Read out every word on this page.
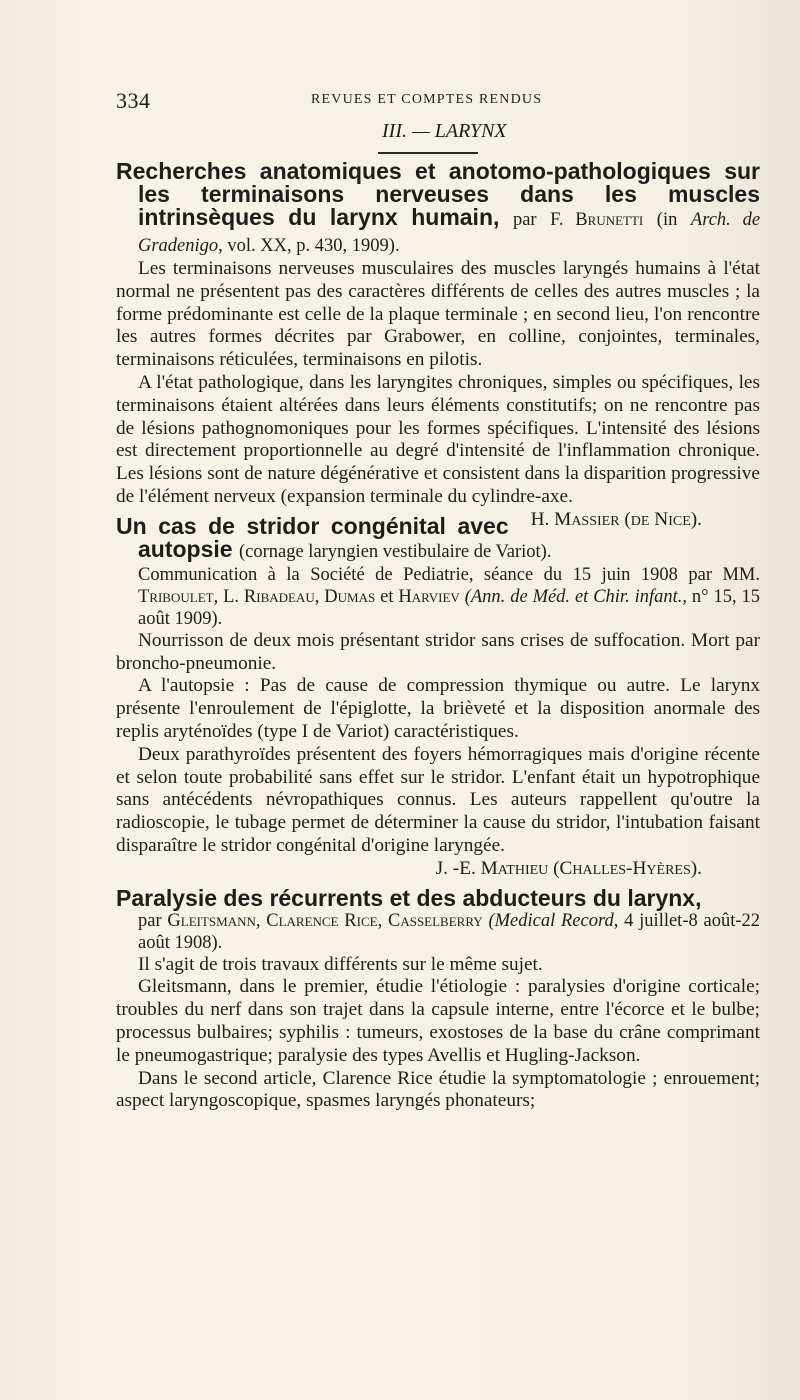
334	REVUES ET COMPTES RENDUS
III. — LARYNX
Recherches anatomiques et anotomo-pathologiques sur les terminaisons nerveuses dans les muscles intrinsèques du larynx humain, par F. Brunetti (in Arch. de Gradenigo, vol. XX, p. 430, 1909).

Les terminaisons nerveuses musculaires des muscles laryngés humains à l'état normal ne présentent pas des caractères différents de celles des autres muscles ; la forme prédominante est celle de la plaque terminale ; en second lieu, l'on rencontre les autres formes décrites par Grabower, en colline, conjointes, terminales, terminaisons réticulées, terminaisons en pilotis.

A l'état pathologique, dans les laryngites chroniques, simples ou spécifiques, les terminaisons étaient altérées dans leurs éléments constitutifs; on ne rencontre pas de lésions pathognomoniques pour les formes spécifiques. L'intensité des lésions est directement proportionnelle au degré d'intensité de l'inflammation chronique. Les lésions sont de nature dégénérative et consistent dans la disparition progressive de l'élément nerveux (expansion terminale du cylindre-axe.
H. Massier (de Nice).

Un cas de stridor congénital avec autopsie (cornage laryngien vestibulaire de Variot).
Communication à la Société de Pediatrie, séance du 15 juin 1908 par MM. Triboulet, L. Ribadeau, Dumas et Harviev (Ann. de Méd. et Chir. infant., n° 15, 15 août 1909).

Nourrisson de deux mois présentant stridor sans crises de suffocation. Mort par broncho-pneumonie.

A l'autopsie : Pas de cause de compression thymique ou autre. Le larynx présente l'enroulement de l'épiglotte, la brièveté et la disposition anormale des replis aryténoïdes (type I de Variot) caractéristiques.

Deux parathyroïdes présentent des foyers hémorragiques mais d'origine récente et selon toute probabilité sans effet sur le stridor. L'enfant était un hypotrophique sans antécédents névropathiques connus. Les auteurs rappellent qu'outre la radioscopie, le tubage permet de déterminer la cause du stridor, l'intubation faisant disparaître le stridor congénital d'origine laryngée.

J. -E. Mathieu (Challes-Hyères).
Paralysie des récurrents et des abducteurs du larynx,
par Gleitsmann, Clarence Rice, Casselberry (Medical Record, 4 juillet-8 août-22 août 1908).

Il s'agit de trois travaux différents sur le même sujet.

Gleitsmann, dans le premier, étudie l'étiologie : paralysies d'origine corticale; troubles du nerf dans son trajet dans la capsule interne, entre l'écorce et le bulbe; processus bulbaires; syphilis : tumeurs, exostoses de la base du crâne comprimant le pneumogastrique; paralysie des types Avellis et Hugling-Jackson.

Dans le second article, Clarence Rice étudie la symptomatologie ; enrouement; aspect laryngoscopique, spasmes laryngés phonateurs;
